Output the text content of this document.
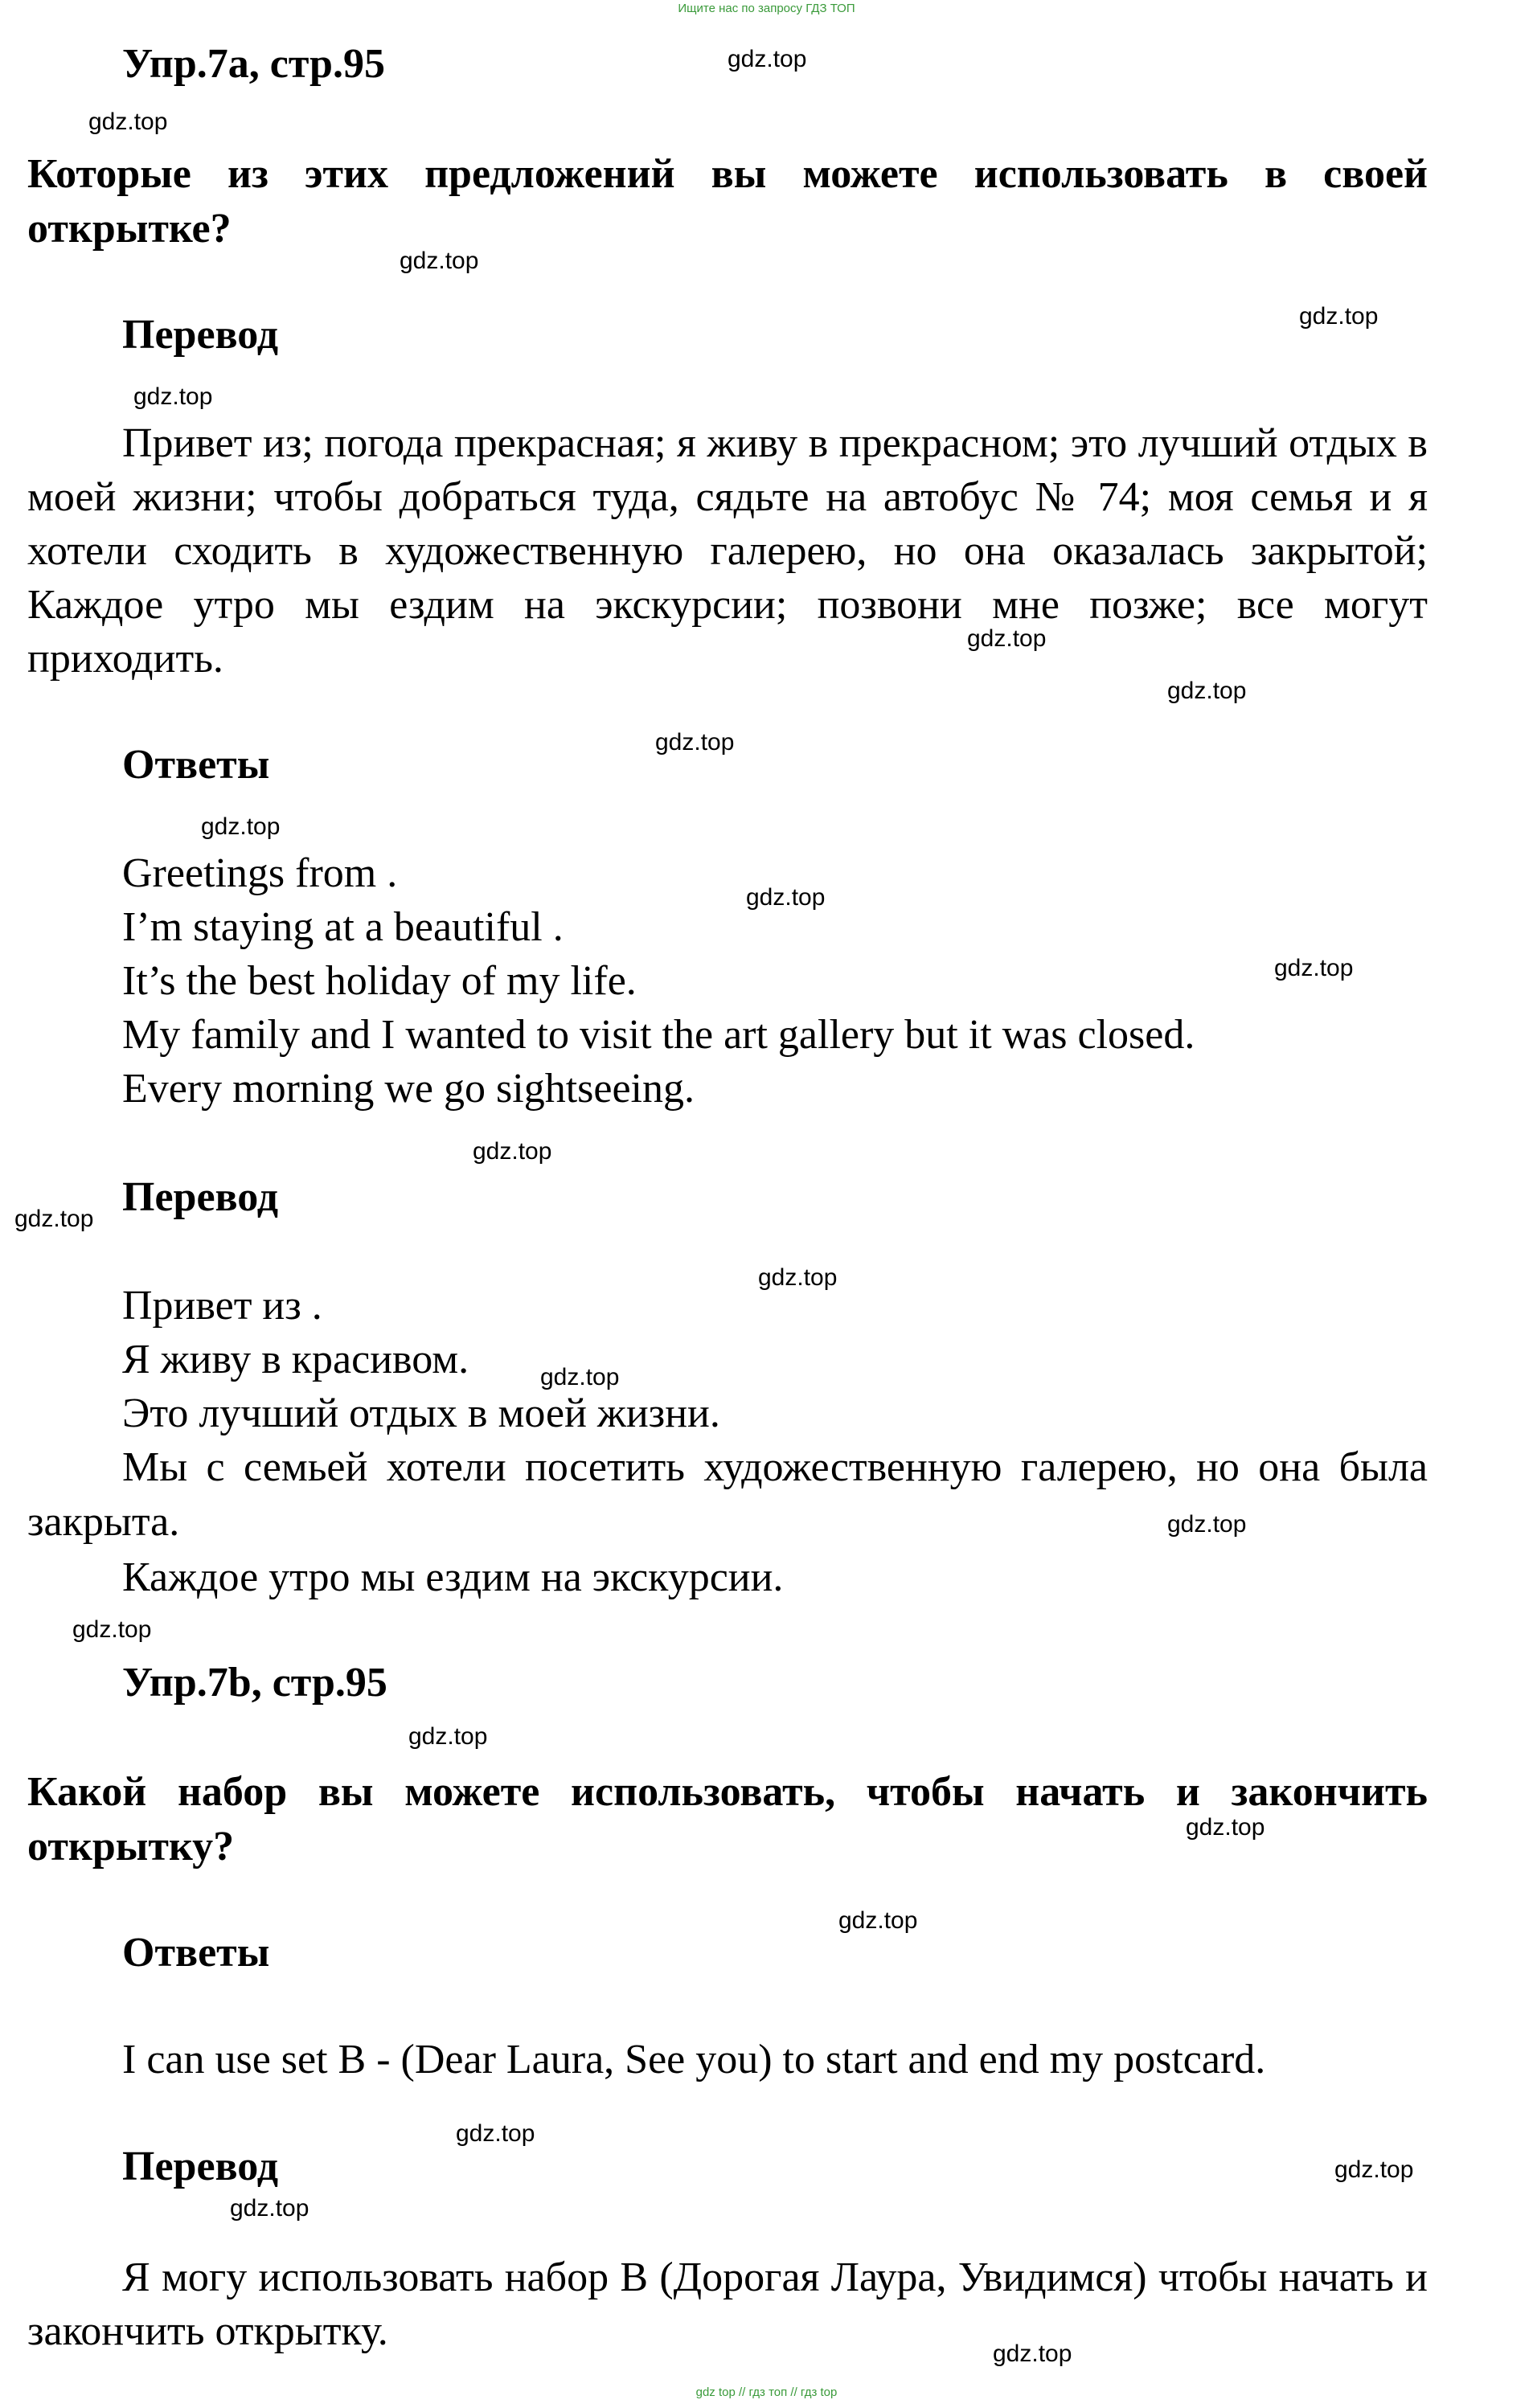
Ищите нас по запросу ГДЗ ТОП
Упр.7a, стр.95
Которые из этих предложений вы можете использовать в своей открытке?
Перевод
Привет из; погода прекрасная; я живу в прекрасном; это лучший отдых в моей жизни; чтобы добраться туда, сядьте на автобус № 74; моя семья и я хотели сходить в художественную галерею, но она оказалась закрытой; Каждое утро мы ездим на экскурсии; позвони мне позже; все могут приходить.
Ответы
Greetings from .
I’m staying at a beautiful .
It’s the best holiday of my life.
My family and I wanted to visit the art gallery but it was closed.
Every morning we go sightseeing.
Перевод
Привет из .
Я живу в красивом.
Это лучший отдых в моей жизни.
Мы с семьей хотели посетить художественную галерею, но она была закрыта.
Каждое утро мы ездим на экскурсии.
Упр.7b, стр.95
Какой набор вы можете использовать, чтобы начать и закончить открытку?
Ответы
I can use set B - (Dear Laura, See you) to start and end my postcard.
Перевод
Я могу использовать набор B (Дорогая Лаура, Увидимся) чтобы начать и закончить открытку.
gdz.top
gdz.top
gdz.top
gdz.top
gdz.top
gdz.top
gdz.top
gdz.top
gdz.top
gdz.top
gdz.top
gdz.top
gdz.top
gdz.top
gdz.top
gdz.top
gdz.top
gdz.top
gdz.top
gdz.top
gdz.top
gdz.top
gdz.top
gdz.top
gdz top // гдз топ // гдз top
